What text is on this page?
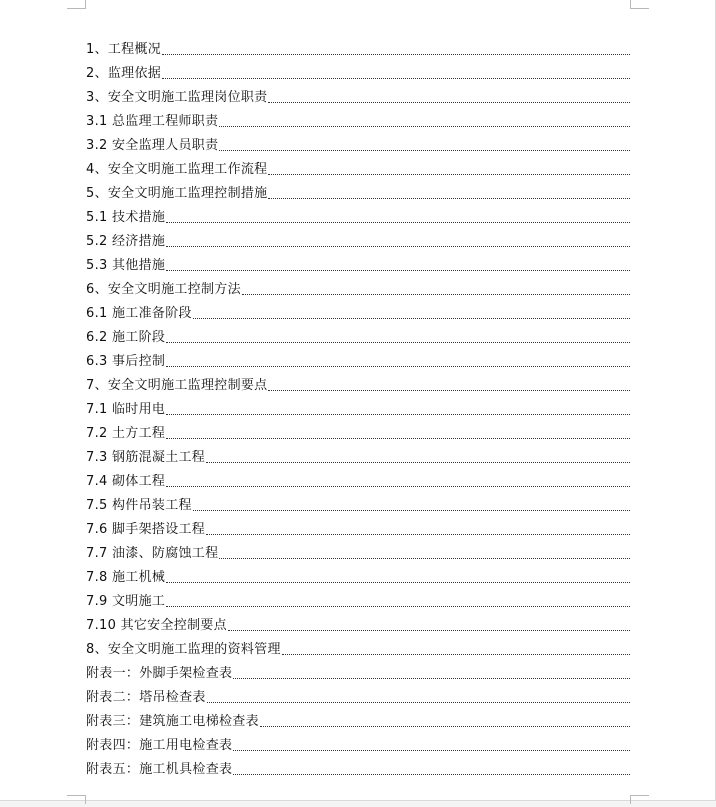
1、工程概况
2、监理依据
3、安全文明施工监理岗位职责
3.1 总监理工程师职责
3.2 安全监理人员职责
4、安全文明施工监理工作流程
5、安全文明施工监理控制措施
5.1 技术措施
5.2 经济措施
5.3 其他措施
6、安全文明施工控制方法
6.1 施工准备阶段
6.2 施工阶段
6.3 事后控制
7、安全文明施工监理控制要点
7.1 临时用电
7.2 土方工程
7.3 钢筋混凝土工程
7.4 砌体工程
7.5 构件吊装工程
7.6 脚手架搭设工程
7.7 油漆、防腐蚀工程
7.8 施工机械
7.9 文明施工
7.10 其它安全控制要点
8、安全文明施工监理的资料管理
附表一：外脚手架检查表
附表二：塔吊检查表
附表三：建筑施工电梯检查表
附表四：施工用电检查表
附表五：施工机具检查表
